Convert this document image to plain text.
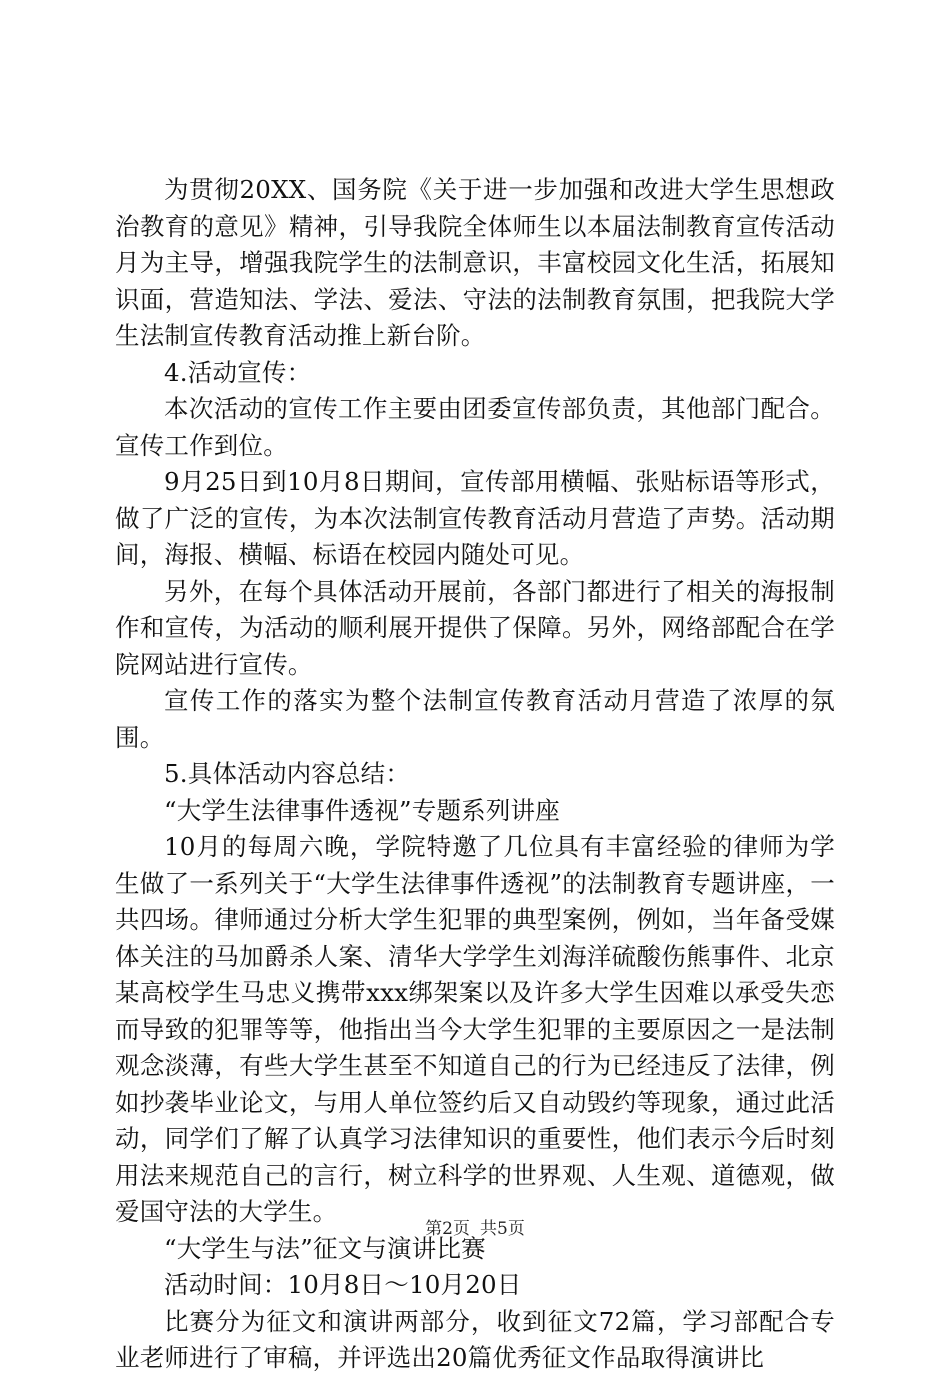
为贯彻20XX、国务院《关于进一步加强和改进大学生思想政治教育的意见》精神，引导我院全体师生以本届法制教育宣传活动月为主导，增强我院学生的法制意识，丰富校园文化生活，拓展知识面，营造知法、学法、爱法、守法的法制教育氛围，把我院大学生法制宣传教育活动推上新台阶。

4.活动宣传：

本次活动的宣传工作主要由团委宣传部负责，其他部门配合。宣传工作到位。

9月25日到10月8日期间，宣传部用横幅、张贴标语等形式，做了广泛的宣传，为本次法制宣传教育活动月营造了声势。活动期间，海报、横幅、标语在校园内随处可见。

另外，在每个具体活动开展前，各部门都进行了相关的海报制作和宣传，为活动的顺利展开提供了保障。另外，网络部配合在学院网站进行宣传。

宣传工作的落实为整个法制宣传教育活动月营造了浓厚的氛围。

5.具体活动内容总结：

“大学生法律事件透视”专题系列讲座

10月的每周六晚，学院特邀了几位具有丰富经验的律师为学生做了一系列关于“大学生法律事件透视”的法制教育专题讲座，一共四场。律师通过分析大学生犯罪的典型案例，例如，当年备受媒体关注的马加爵杀人案、清华大学学生刘海洋硫酸伤熊事件、北京某高校学生马忠义携带xxx绑架案以及许多大学生因难以承受失恋而导致的犯罪等等，他指出当今大学生犯罪的主要原因之一是法制观念淡薄，有些大学生甚至不知道自己的行为已经违反了法律，例如抄袭毕业论文，与用人单位签约后又自动毁约等现象，通过此活动，同学们了解了认真学习法律知识的重要性，他们表示今后时刻用法来规范自己的言行，树立科学的世界观、人生观、道德观，做爱国守法的大学生。

“大学生与法”征文与演讲比赛

活动时间：10月8日～10月20日

比赛分为征文和演讲两部分，收到征文72篇，学习部配合专业老师进行了审稿，并评选出20篇优秀征文作品取得演讲比

第2页 共5页
